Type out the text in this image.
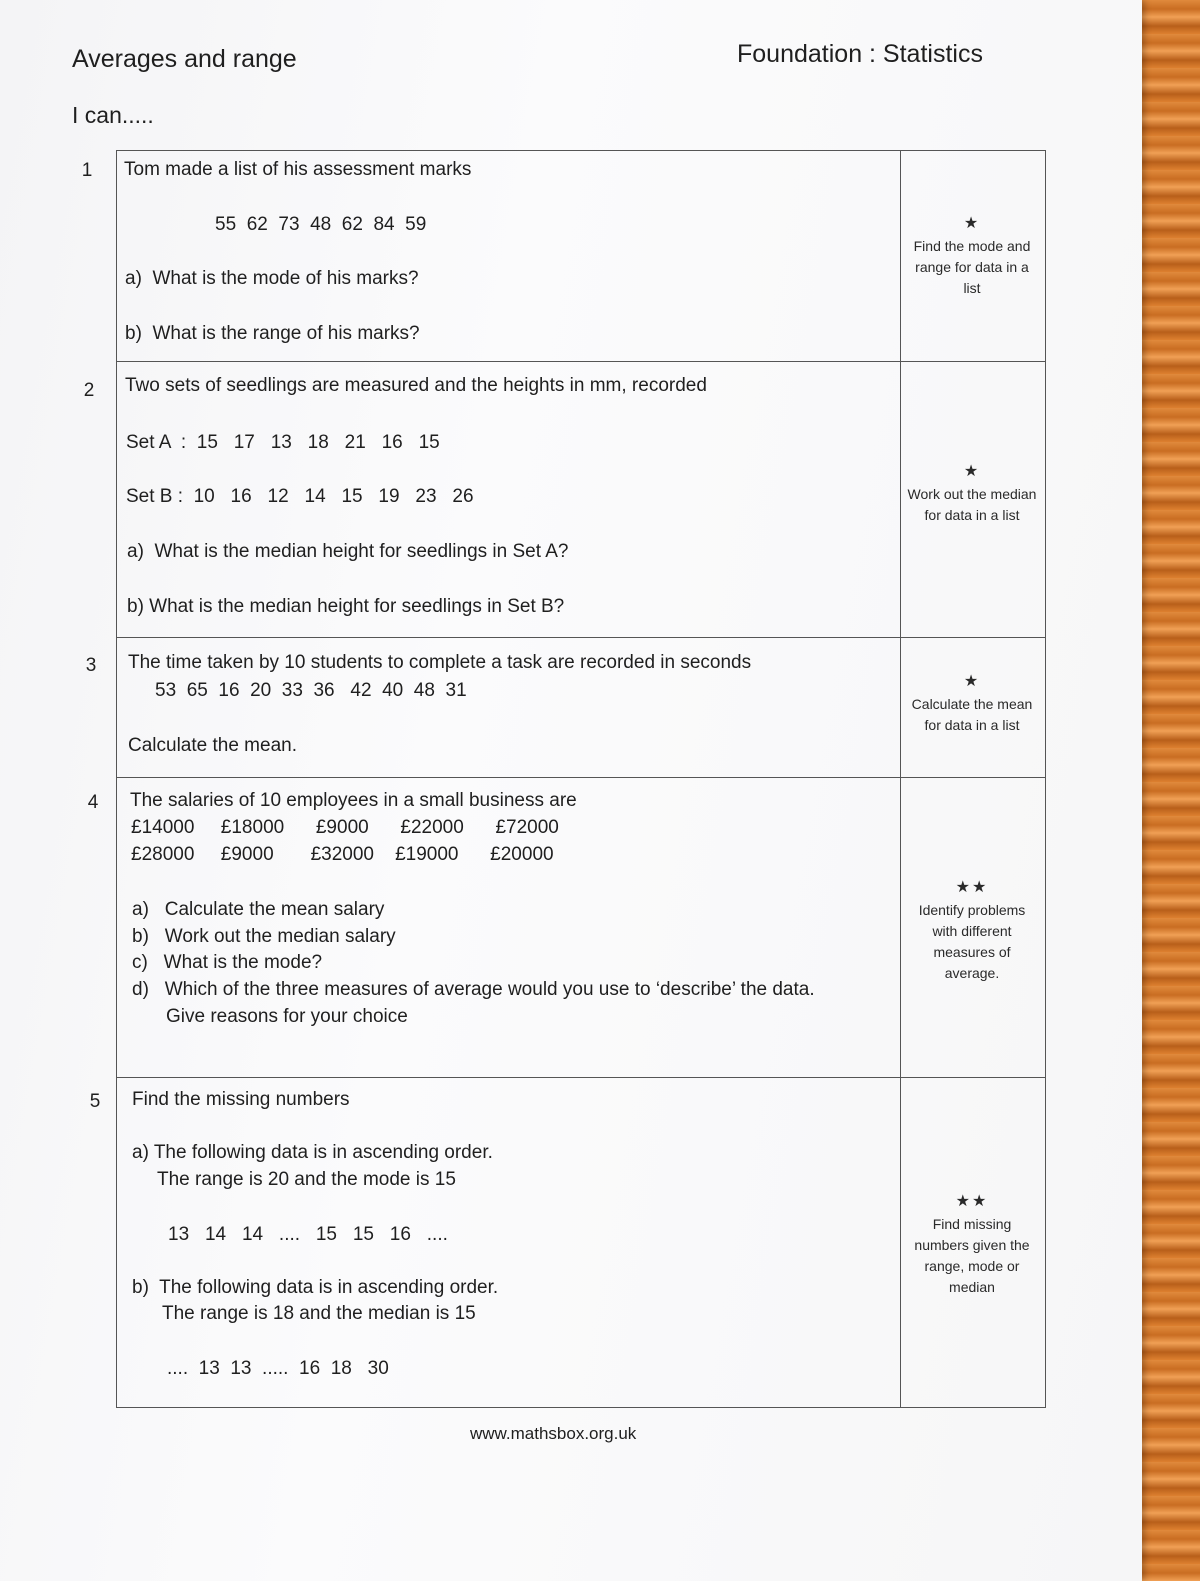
Averages and range	Foundation : Statistics
I can.....
1
2
3
4
5
Tom made a list of his assessment marks
55  62  73  48  62  84  59
a)  What is the mode of his marks?
b)  What is the range of his marks?
★
Find the mode and range for data in a list
Two sets of seedlings are measured and the heights in mm, recorded
Set A  :  15   17   13   18   21   16   15
Set B :  10   16   12   14   15   19   23   26
a)  What is the median height for seedlings in Set A?
b) What is the median height for seedlings in Set B?
★
Work out the median for data in a list
The time taken by 10 students to complete a task are recorded in seconds
53  65  16  20  33  36   42  40  48  31
Calculate the mean.
★
Calculate the mean for data in a list
The salaries of 10 employees in a small business are
£14000     £18000      £9000      £22000      £72000
£28000     £9000       £32000    £19000      £20000
a)   Calculate the mean salary
b)   Work out the median salary
c)   What is the mode?
d)   Which of the three measures of average would you use to ‘describe’ the data.
Give reasons for your choice
★★
Identify problems with different measures of average.
Find the missing numbers
a) The following data is in ascending order.
The range is 20 and the mode is 15
13   14   14   ....   15   15   16   ....
b)  The following data is in ascending order.
The range is 18 and the median is 15
....  13  13  .....  16  18   30
★★
Find missing numbers given the range, mode or median
www.mathsbox.org.uk
